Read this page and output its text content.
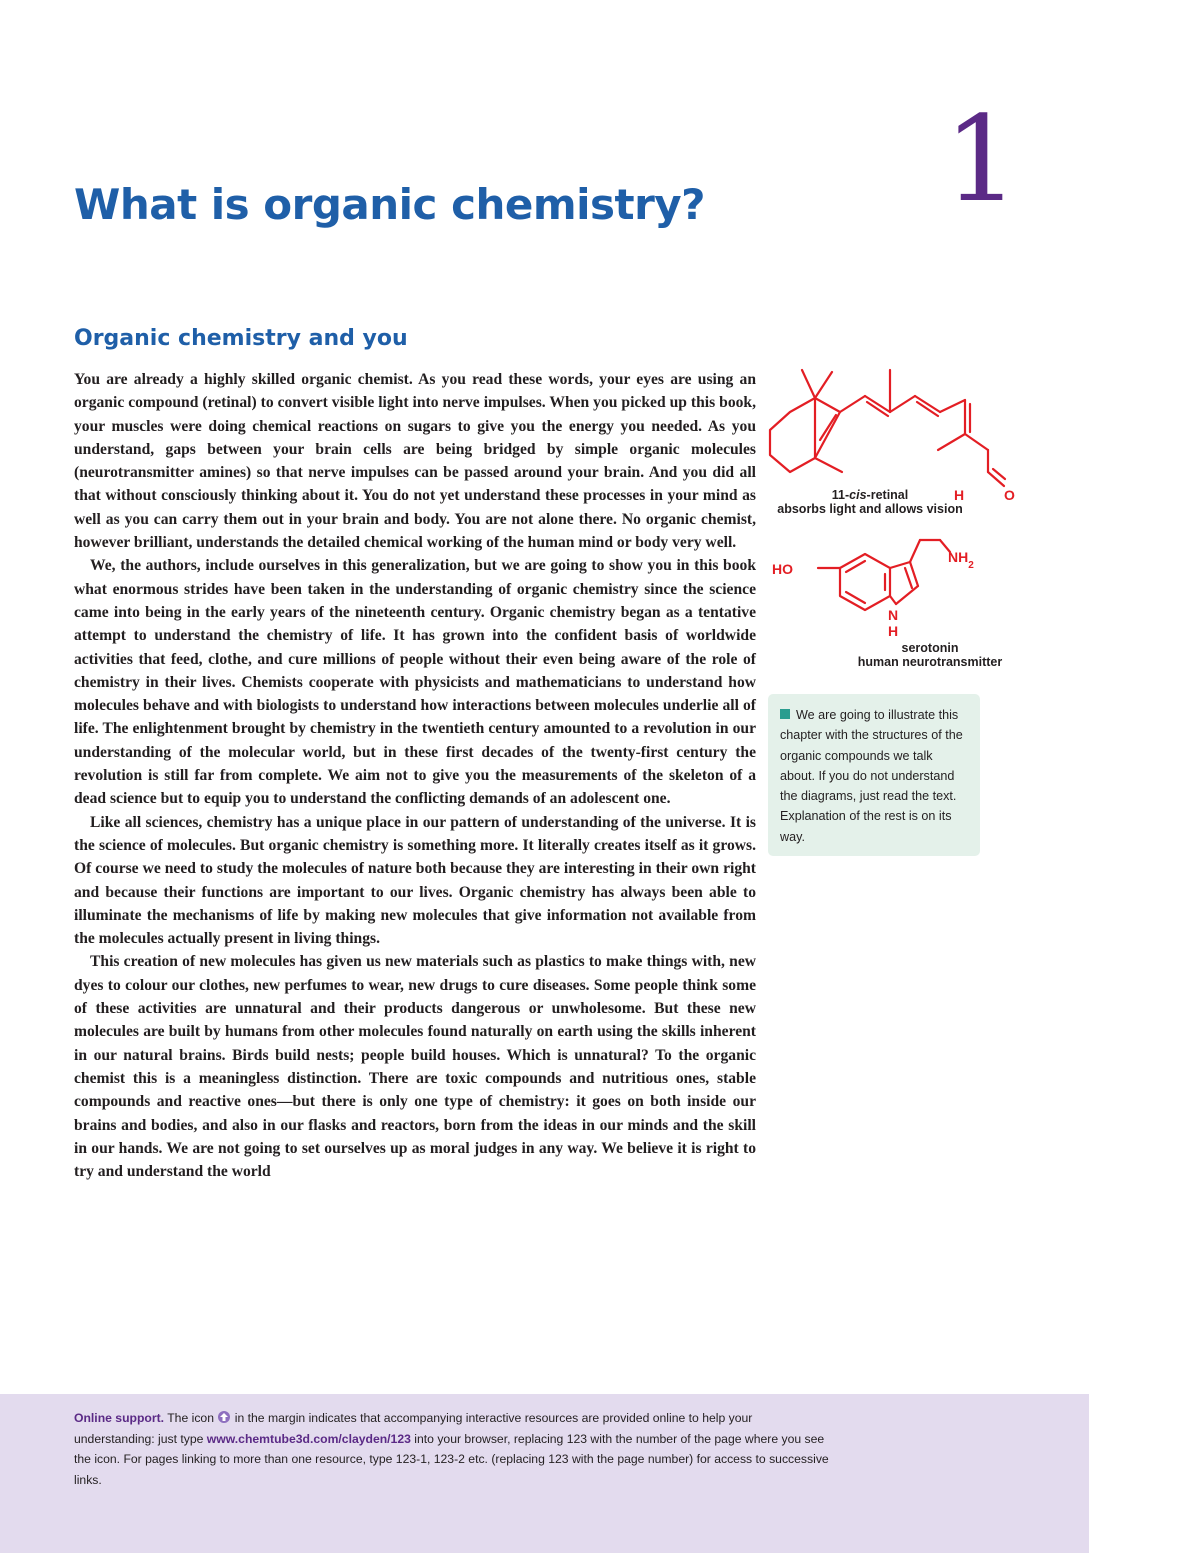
What is organic chemistry? 1
Organic chemistry and you

You are already a highly skilled organic chemist. As you read these words, your eyes are using an organic compound (retinal) to convert visible light into nerve impulses. When you picked up this book, your muscles were doing chemical reactions on sugars to give you the energy you needed. As you understand, gaps between your brain cells are being bridged by simple organic molecules (neurotransmitter amines) so that nerve impulses can be passed around your brain. And you did all that without consciously thinking about it. You do not yet understand these processes in your mind as well as you can carry them out in your brain and body. You are not alone there. No organic chemist, however brilliant, understands the detailed chemical working of the human mind or body very well.

We, the authors, include ourselves in this generalization, but we are going to show you in this book what enormous strides have been taken in the understanding of organic chemistry since the science came into being in the early years of the nineteenth century. Organic chemistry began as a tentative attempt to understand the chemistry of life. It has grown into the confident basis of worldwide activities that feed, clothe, and cure millions of people without their even being aware of the role of chemistry in their lives. Chemists cooperate with physicists and mathematicians to understand how molecules behave and with biologists to understand how interactions between molecules underlie all of life. The enlightenment brought by chemistry in the twentieth century amounted to a revolution in our understanding of the molecular world, but in these first decades of the twenty-first century the revolution is still far from complete. We aim not to give you the measurements of the skeleton of a dead science but to equip you to understand the conflicting demands of an adolescent one.

Like all sciences, chemistry has a unique place in our pattern of understanding of the universe. It is the science of molecules. But organic chemistry is something more. It literally creates itself as it grows. Of course we need to study the molecules of nature both because they are interesting in their own right and because their functions are important to our lives. Organic chemistry has always been able to illuminate the mechanisms of life by making new molecules that give information not available from the molecules actually present in living things.

This creation of new molecules has given us new materials such as plastics to make things with, new dyes to colour our clothes, new perfumes to wear, new drugs to cure diseases. Some people think some of these activities are unnatural and their products dangerous or unwholesome. But these new molecules are built by humans from other molecules found naturally on earth using the skills inherent in our natural brains. Birds build nests; people build houses. Which is unnatural? To the organic chemist this is a meaningless distinction. There are toxic compounds and nutritious ones, stable compounds and reactive ones—but there is only one type of chemistry: it goes on both inside our brains and bodies, and also in our flasks and reactors, born from the ideas in our minds and the skill in our hands. We are not going to set ourselves up as moral judges in any way. We believe it is right to try and understand the world

H	O
11-cis-retinal
absorbs light and allows vision
HO
$NH_2$
N
H
serotonin
human neurotransmitter
We are going to illustrate this chapter with the structures of the organic compounds we talk about. If you do not understand the diagrams, just read the text. Explanation of the rest is on its way.
Online support. The icon  in the margin indicates that accompanying interactive resources are provided online to help your understanding: just type www.chemtube3d.com/clayden/123 into your browser, replacing 123 with the number of the page where you see the icon. For pages linking to more than one resource, type 123-1, 123-2 etc. (replacing 123 with the page number) for access to successive links.
